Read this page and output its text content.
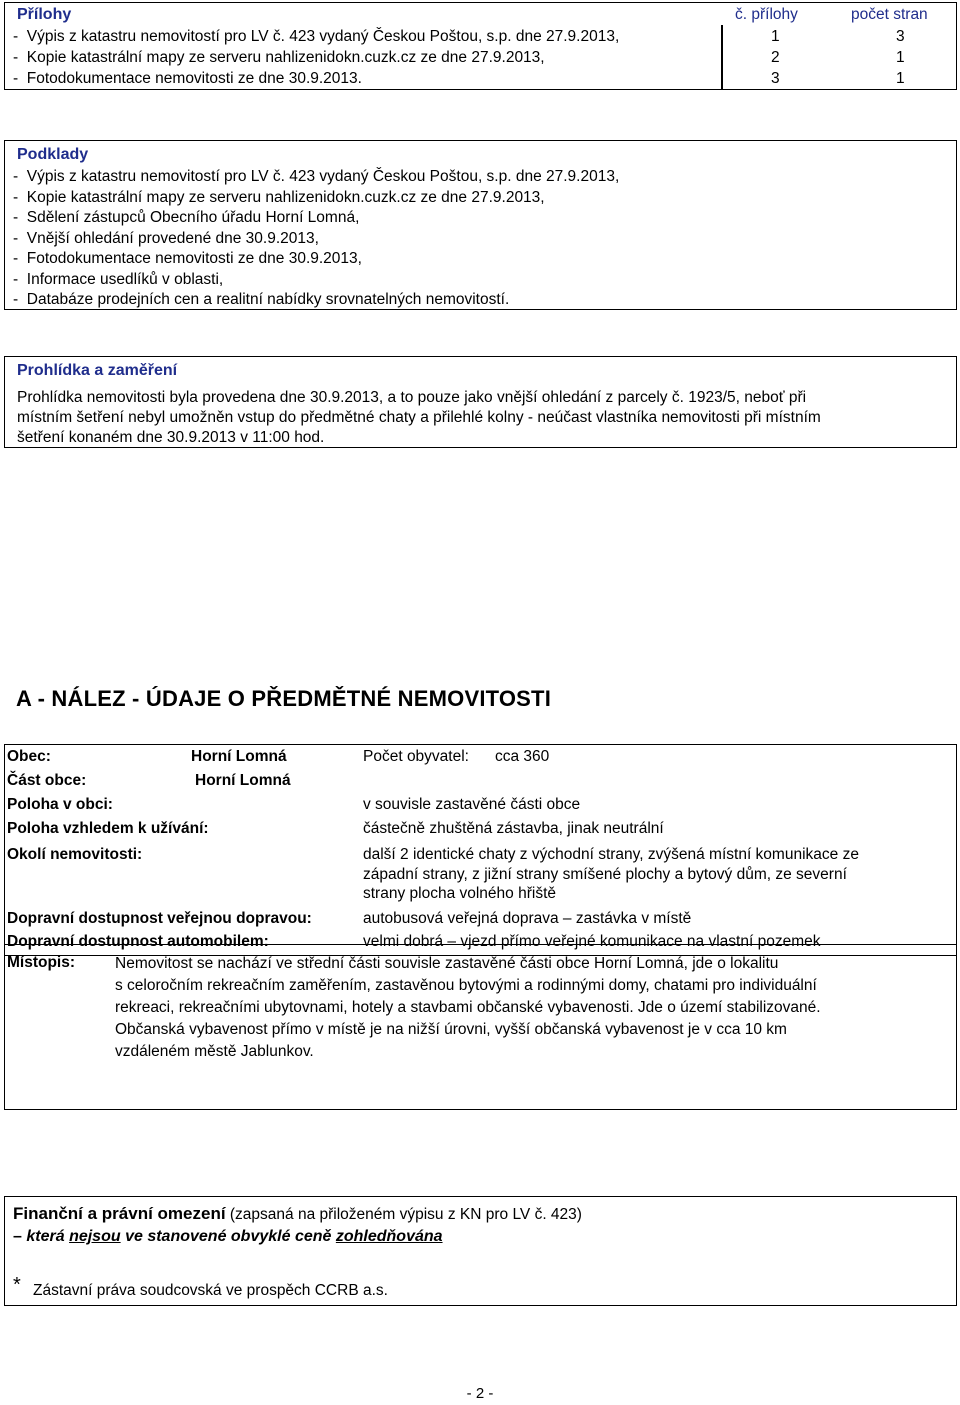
Přílohy	č. přílohy	počet stran
-  Výpis z katastru nemovitostí pro LV č. 423 vydaný Českou Poštou, s.p. dne 27.9.2013,	1	3
-  Kopie katastrální mapy ze serveru nahlizenidokn.cuzk.cz ze dne 27.9.2013,	2	1
-  Fotodokumentace nemovitosti ze dne 30.9.2013.	3	1
Podklady
-  Výpis z katastru nemovitostí pro LV č. 423 vydaný Českou Poštou, s.p. dne 27.9.2013,
-  Kopie katastrální mapy ze serveru nahlizenidokn.cuzk.cz ze dne 27.9.2013,
-  Sdělení zástupců Obecního úřadu Horní Lomná,
-  Vnější ohledání provedené dne 30.9.2013,
-  Fotodokumentace nemovitosti ze dne 30.9.2013,
-  Informace usedlíků v oblasti,
-  Databáze prodejních cen a realitní nabídky srovnatelných nemovitostí.
Prohlídka a zaměření
Prohlídka nemovitosti byla provedena dne 30.9.2013, a to pouze jako vnější ohledání z parcely č. 1923/5, neboť při
místním šetření nebyl umožněn vstup do předmětné chaty a přilehlé kolny - neúčast vlastníka nemovitosti při místním
šetření konaném dne 30.9.2013 v 11:00 hod.
A - NÁLEZ - ÚDAJE O PŘEDMĚTNÉ NEMOVITOSTI
Obec:	Horní Lomná	Počet obyvatel: cca 360
Část obce:	Horní Lomná
Poloha v obci:	v souvisle zastavěné části obce
Poloha vzhledem k užívání:	částečně zhuštěná zástavba, jinak neutrální
Okolí nemovitosti:	další 2 identické chaty z východní strany, zvýšená místní komunikace ze
západní strany, z jižní strany smíšené plochy a bytový dům, ze severní
strany plocha volného hřiště
Dopravní dostupnost veřejnou dopravou:	autobusová veřejná doprava – zastávka v místě
Dopravní dostupnost automobilem:	velmi dobrá – vjezd přímo veřejné komunikace na vlastní pozemek
Místopis:	Nemovitost se nachází ve střední části souvisle zastavěné části obce Horní Lomná, jde o lokalitu
s celoročním rekreačním zaměřením, zastavěnou bytovými a rodinnými domy, chatami pro individuální
rekreaci, rekreačními ubytovnami, hotely a stavbami občanské vybavenosti. Jde o území stabilizované.
Občanská vybavenost přímo v místě je na nižší úrovni, vyšší občanská vybavenost je v cca 10 km
vzdáleném městě Jablunkov.
Finanční a právní omezení (zapsaná na přiloženém výpisu z KN pro LV č. 423)
– která nejsou ve stanovené obvyklé ceně zohledňována
* Zástavní práva soudcovská ve prospěch CCRB a.s.
- 2 -
